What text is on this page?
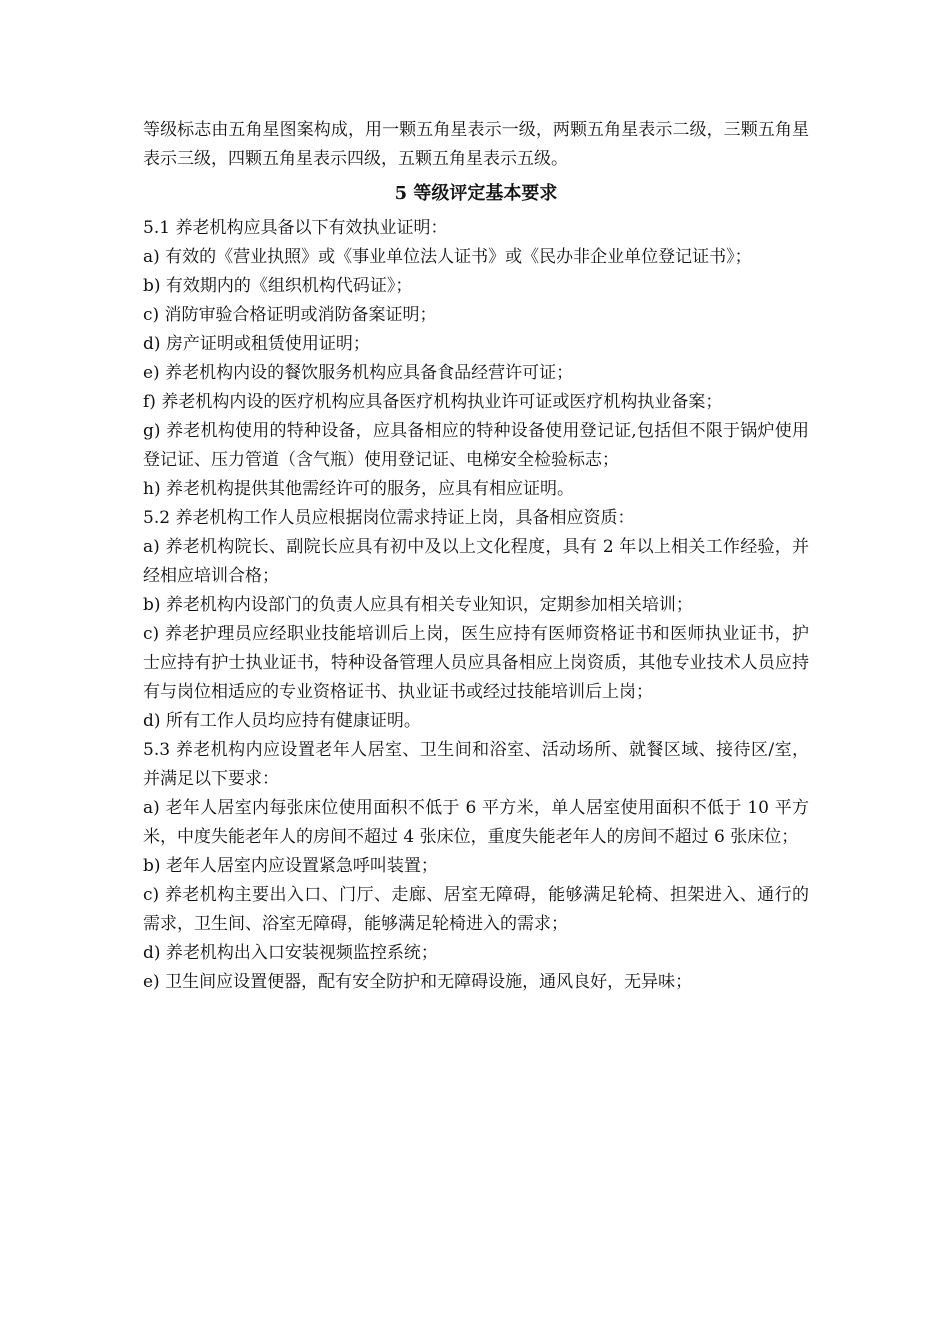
等级标志由五角星图案构成，用一颗五角星表示一级，两颗五角星表示二级，三颗五角星表示三级，四颗五角星表示四级，五颗五角星表示五级。

5 等级评定基本要求

5.1 养老机构应具备以下有效执业证明：

a) 有效的《营业执照》或《事业单位法人证书》或《民办非企业单位登记证书》；

b) 有效期内的《组织机构代码证》；

c) 消防审验合格证明或消防备案证明；

d) 房产证明或租赁使用证明；

e) 养老机构内设的餐饮服务机构应具备食品经营许可证；

f) 养老机构内设的医疗机构应具备医疗机构执业许可证或医疗机构执业备案；

g) 养老机构使用的特种设备，应具备相应的特种设备使用登记证,包括但不限于锅炉使用登记证、压力管道（含气瓶）使用登记证、电梯安全检验标志；

h) 养老机构提供其他需经许可的服务，应具有相应证明。

5.2 养老机构工作人员应根据岗位需求持证上岗，具备相应资质：

a) 养老机构院长、副院长应具有初中及以上文化程度，具有 2 年以上相关工作经验，并经相应培训合格；

b) 养老机构内设部门的负责人应具有相关专业知识，定期参加相关培训；

c) 养老护理员应经职业技能培训后上岗，医生应持有医师资格证书和医师执业证书，护士应持有护士执业证书，特种设备管理人员应具备相应上岗资质，其他专业技术人员应持有与岗位相适应的专业资格证书、执业证书或经过技能培训后上岗；

d) 所有工作人员均应持有健康证明。

5.3 养老机构内应设置老年人居室、卫生间和浴室、活动场所、就餐区域、接待区/室，并满足以下要求：

a) 老年人居室内每张床位使用面积不低于 6 平方米，单人居室使用面积不低于 10 平方米，中度失能老年人的房间不超过 4 张床位，重度失能老年人的房间不超过 6 张床位；

b) 老年人居室内应设置紧急呼叫装置；

c) 养老机构主要出入口、门厅、走廊、居室无障碍，能够满足轮椅、担架进入、通行的需求，卫生间、浴室无障碍，能够满足轮椅进入的需求；

d) 养老机构出入口安装视频监控系统；

e) 卫生间应设置便器，配有安全防护和无障碍设施，通风良好，无异味；
